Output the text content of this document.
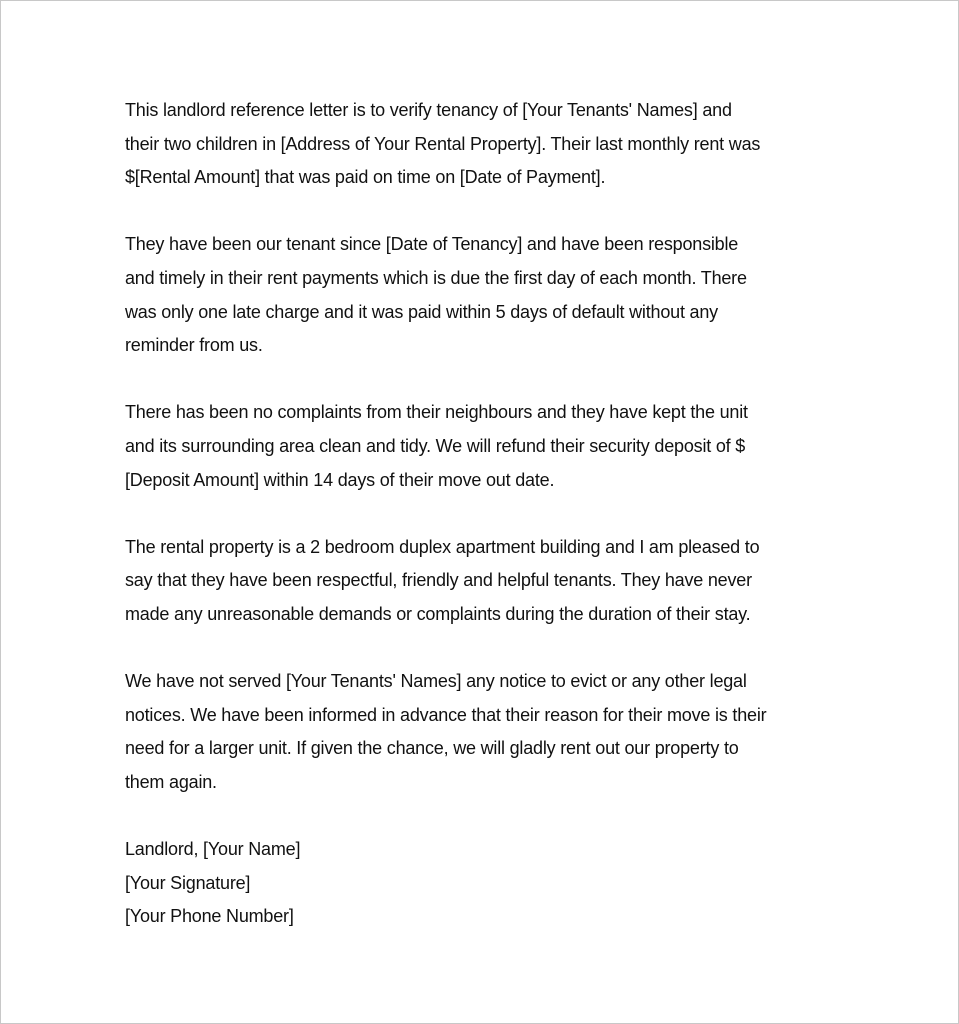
This landlord reference letter is to verify tenancy of [Your Tenants' Names] and
their two children in [Address of Your Rental Property]. Their last monthly rent was
$[Rental Amount] that was paid on time on [Date of Payment].

They have been our tenant since [Date of Tenancy] and have been responsible
and timely in their rent payments which is due the first day of each month. There
was only one late charge and it was paid within 5 days of default without any
reminder from us.

There has been no complaints from their neighbours and they have kept the unit
and its surrounding area clean and tidy. We will refund their security deposit of $
[Deposit Amount] within 14 days of their move out date.

The rental property is a 2 bedroom duplex apartment building and I am pleased to
say that they have been respectful, friendly and helpful tenants. They have never
made any unreasonable demands or complaints during the duration of their stay.

We have not served [Your Tenants' Names] any notice to evict or any other legal
notices. We have been informed in advance that their reason for their move is their
need for a larger unit. If given the chance, we will gladly rent out our property to
them again.

Landlord, [Your Name]
[Your Signature]
[Your Phone Number]
